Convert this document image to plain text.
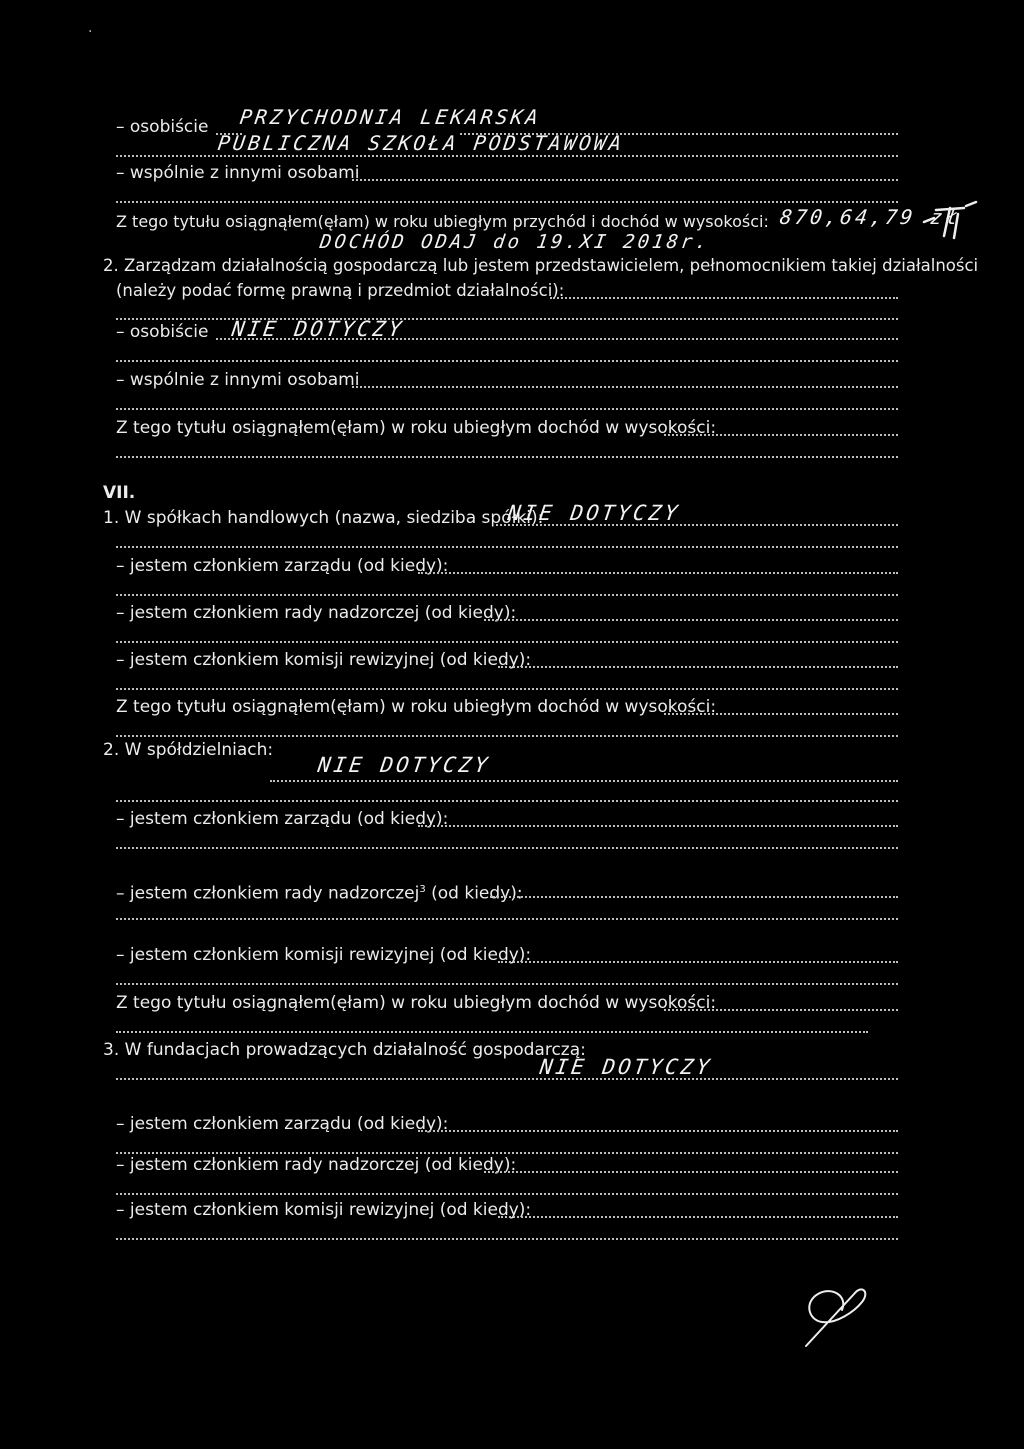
– osobiście PRZYCHODNIA LEKARSKA
PUBLICZNA SZKOŁA PODSTAWOWA
– wspólnie z innymi osobami
Z tego tytułu osiągnąłem(ęłam) w roku ubiegłym przychód i dochód w wysokości: 870,64,79 zł
DOCHÓD ODAJ do 19.XI 2018r.
2. Zarządzam działalnością gospodarczą lub jestem przedstawicielem, pełnomocnikiem takiej działalności
(należy podać formę prawną i przedmiot działalności):
– osobiście NIE DOTYCZY
– wspólnie z innymi osobami
Z tego tytułu osiągnąłem(ęłam) w roku ubiegłym dochód w wysokości:
VII.
1. W spółkach handlowych (nazwa, siedziba spółki):
NIE DOTYCZY
– jestem członkiem zarządu (od kiedy):
– jestem członkiem rady nadzorczej (od kiedy):
– jestem członkiem komisji rewizyjnej (od kiedy):
Z tego tytułu osiągnąłem(ęłam) w roku ubiegłym dochód w wysokości:
2. W spółdzielniach:
NIE DOTYCZY
– jestem członkiem zarządu (od kiedy):
– jestem członkiem rady nadzorczej$^3$ (od kiedy):
– jestem członkiem komisji rewizyjnej (od kiedy):
Z tego tytułu osiągnąłem(ęłam) w roku ubiegłym dochód w wysokości:
3. W fundacjach prowadzących działalność gospodarczą:
NIE DOTYCZY
– jestem członkiem zarządu (od kiedy):
– jestem członkiem rady nadzorczej (od kiedy):
– jestem członkiem komisji rewizyjnej (od kiedy):
·
